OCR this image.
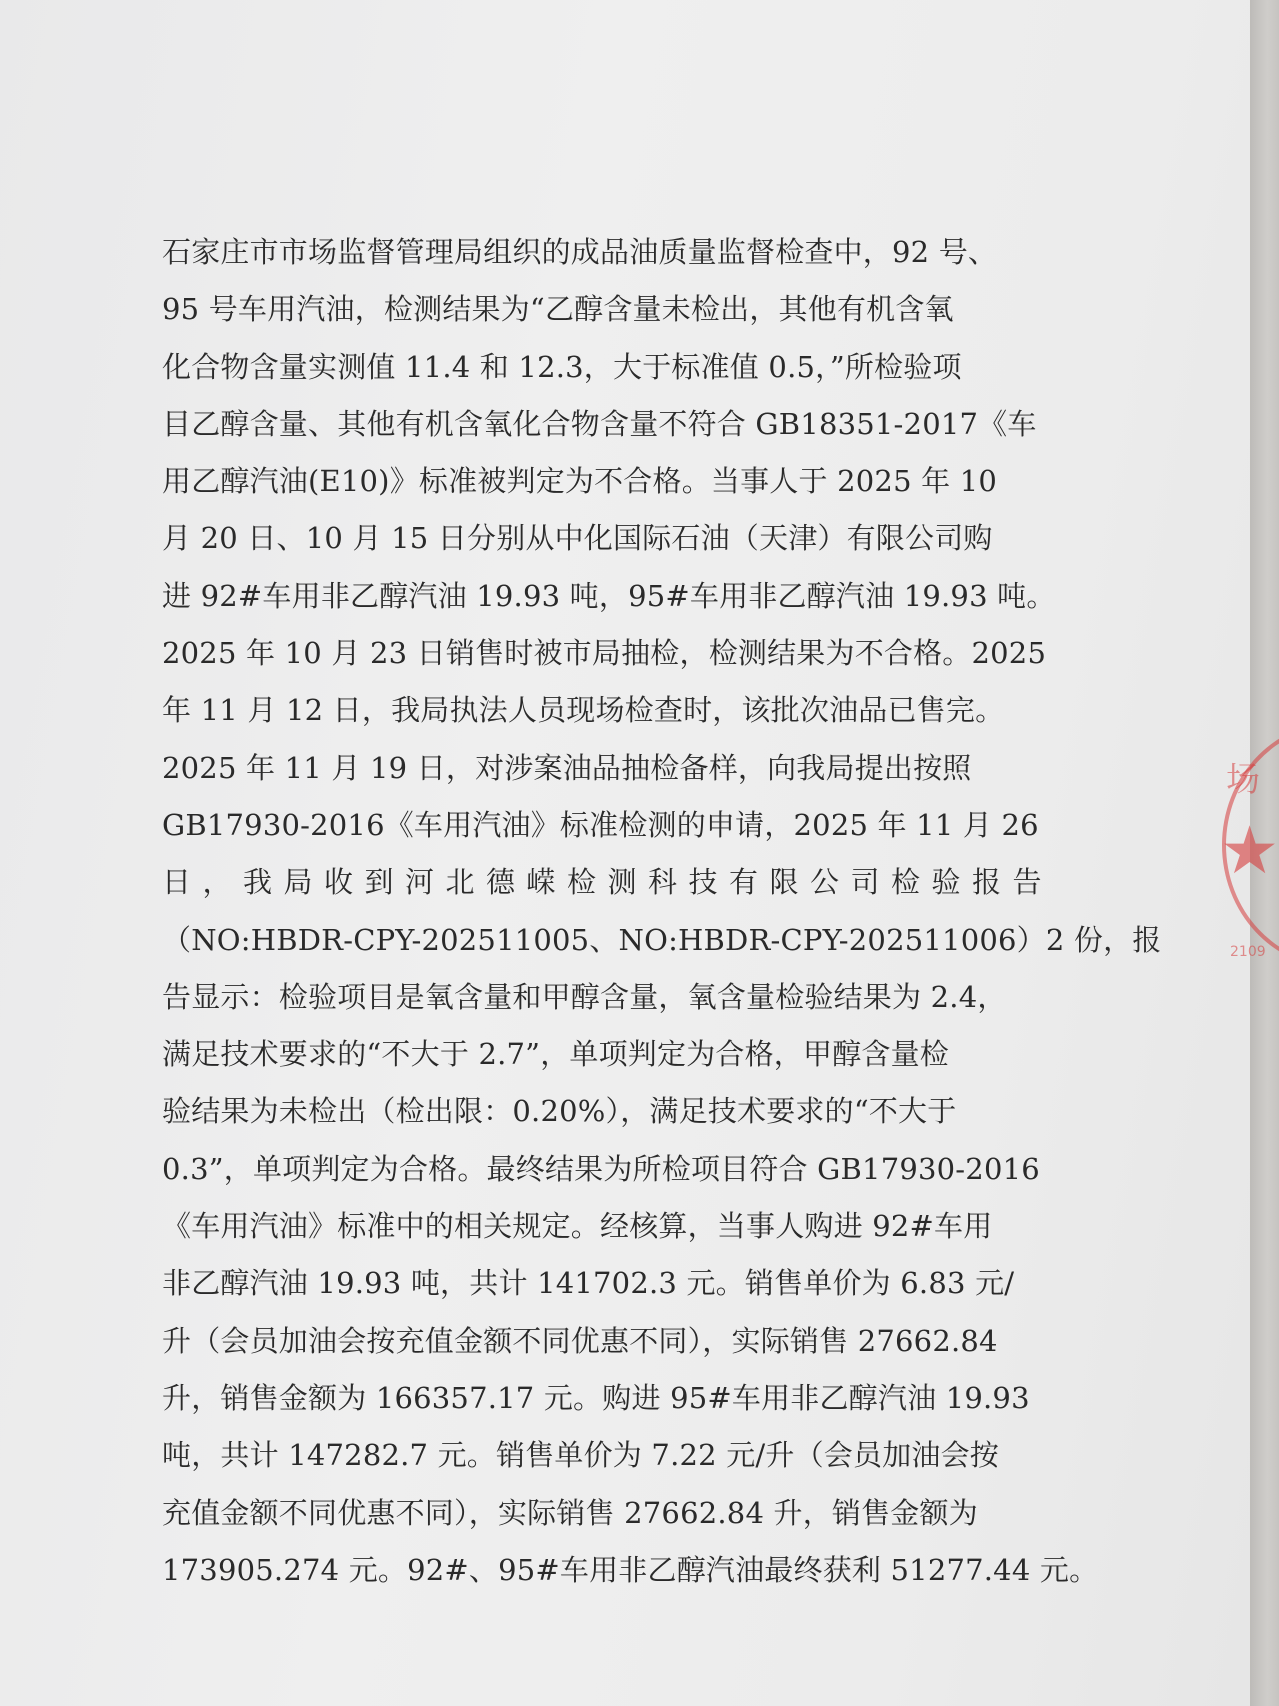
石家庄市市场监督管理局组织的成品油质量监督检查中，92 号、
95 号车用汽油，检测结果为“乙醇含量未检出，其他有机含氧
化合物含量实测值 11.4 和 12.3，大于标准值 0.5，”所检验项
目乙醇含量、其他有机含氧化合物含量不符合 GB18351-2017《车
用乙醇汽油(E10)》标准被判定为不合格。当事人于 2025 年 10
月 20 日、10 月 15 日分别从中化国际石油（天津）有限公司购
进 92#车用非乙醇汽油 19.93 吨，95#车用非乙醇汽油 19.93 吨。
2025 年 10 月 23 日销售时被市局抽检，检测结果为不合格。2025
年 11 月 12 日，我局执法人员现场检查时，该批次油品已售完。
2025 年 11 月 19 日，对涉案油品抽检备样，向我局提出按照
GB17930-2016《车用汽油》标准检测的申请，2025 年 11 月 26
日，我局收到河北德嵘检测科技有限公司检验报告
（NO:HBDR-CPY-202511005、NO:HBDR-CPY-202511006）2 份，报
告显示：检验项目是氧含量和甲醇含量，氧含量检验结果为 2.4，
满足技术要求的“不大于 2.7”，单项判定为合格，甲醇含量检
验结果为未检出（检出限：0.20%），满足技术要求的“不大于
0.3”，单项判定为合格。最终结果为所检项目符合 GB17930-2016
《车用汽油》标准中的相关规定。经核算，当事人购进 92#车用
非乙醇汽油 19.93 吨，共计 141702.3 元。销售单价为 6.83 元/
升（会员加油会按充值金额不同优惠不同），实际销售 27662.84
升，销售金额为 166357.17 元。购进 95#车用非乙醇汽油 19.93
吨，共计 147282.7 元。销售单价为 7.22 元/升（会员加油会按
充值金额不同优惠不同），实际销售 27662.84 升，销售金额为
173905.274 元。92#、95#车用非乙醇汽油最终获利 51277.44 元。
场
★
2109
